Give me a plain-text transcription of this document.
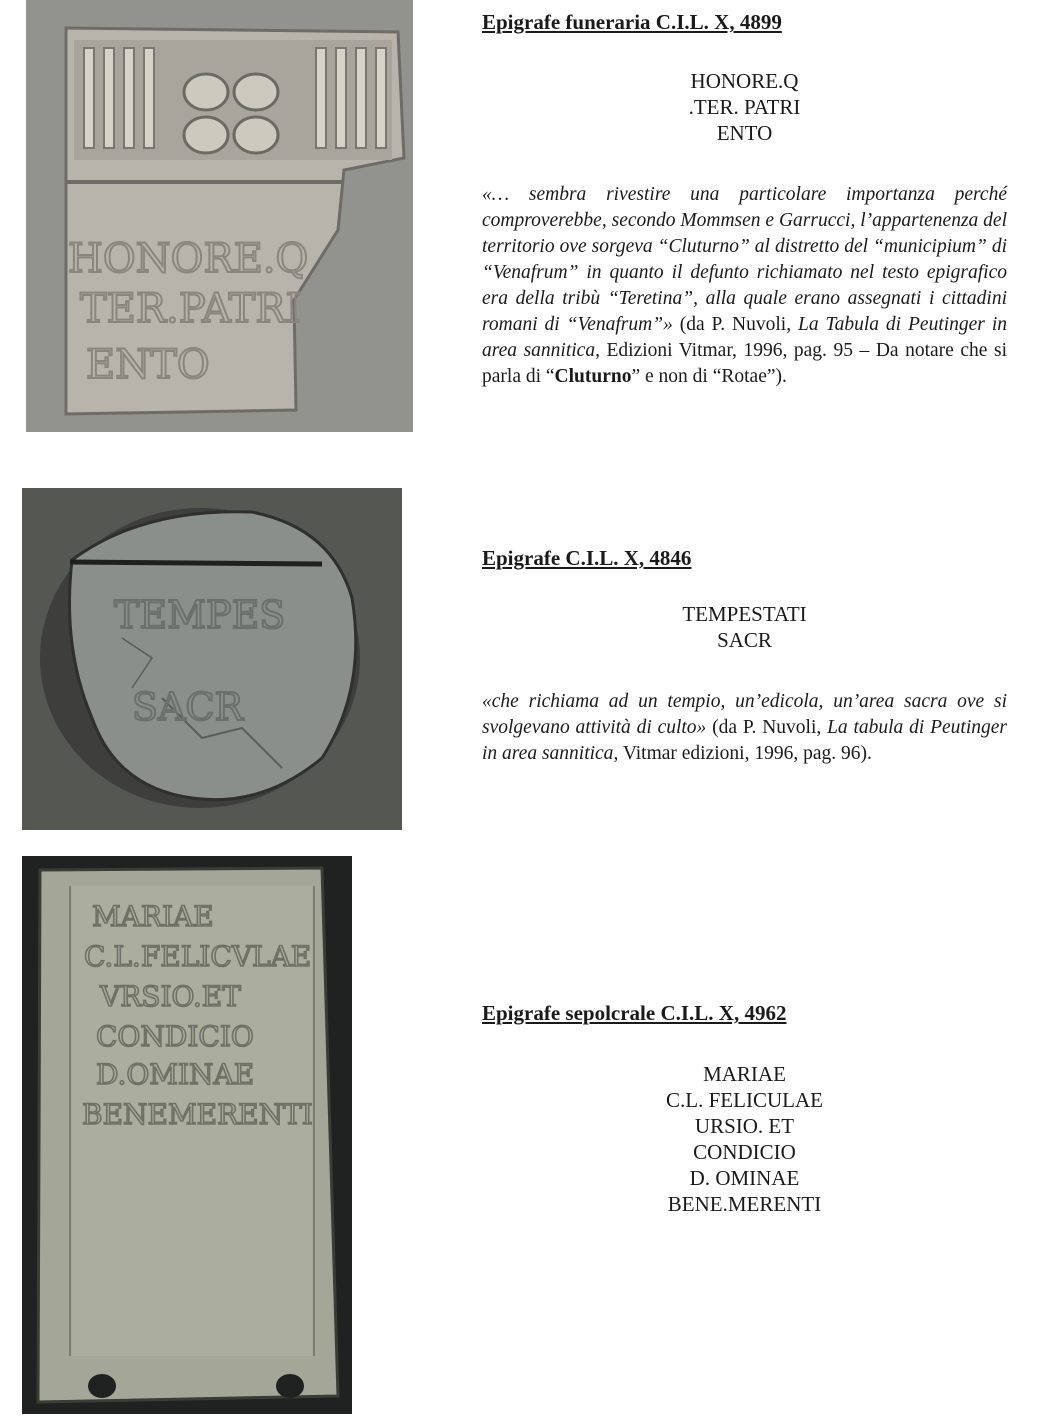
HONORE.Q
TER.PATRI
ENTO
Epigrafe funeraria C.I.L. X, 4899
HONORE.Q
.TER. PATRI
ENTO

«… sembra rivestire una particolare importanza perché comproverebbe, secondo Mommsen e Garrucci, l’appartenenza del territorio ove sorgeva “Cluturno” al distretto del “municipium” di “Venafrum” in quanto il defunto richiamato nel testo epigrafico era della tribù “Teretina”, alla quale erano assegnati i cittadini romani di “Venafrum”» (da P. Nuvoli, La Tabula di Peutinger in area sannitica, Edizioni Vitmar, 1996, pag. 95 – Da notare che si parla di “Cluturno” e non di “Rotae”).

TEMPES
SACR
Epigrafe C.I.L. X, 4846
TEMPESTATI
SACR

«che richiama ad un tempio, un’edicola, un’area sacra ove si svolgevano attività di culto» (da P. Nuvoli, La tabula di Peutinger in area sannitica, Vitmar edizioni, 1996, pag. 96).

MARIAE
C.L.FELICVLAE
VRSIO.ET
CONDICIO
D.OMINAE
BENEMERENTI
Epigrafe sepolcrale C.I.L. X, 4962
MARIAE
C.L. FELICULAE
URSIO. ET
CONDICIO
D. OMINAE
BENE.MERENTI
